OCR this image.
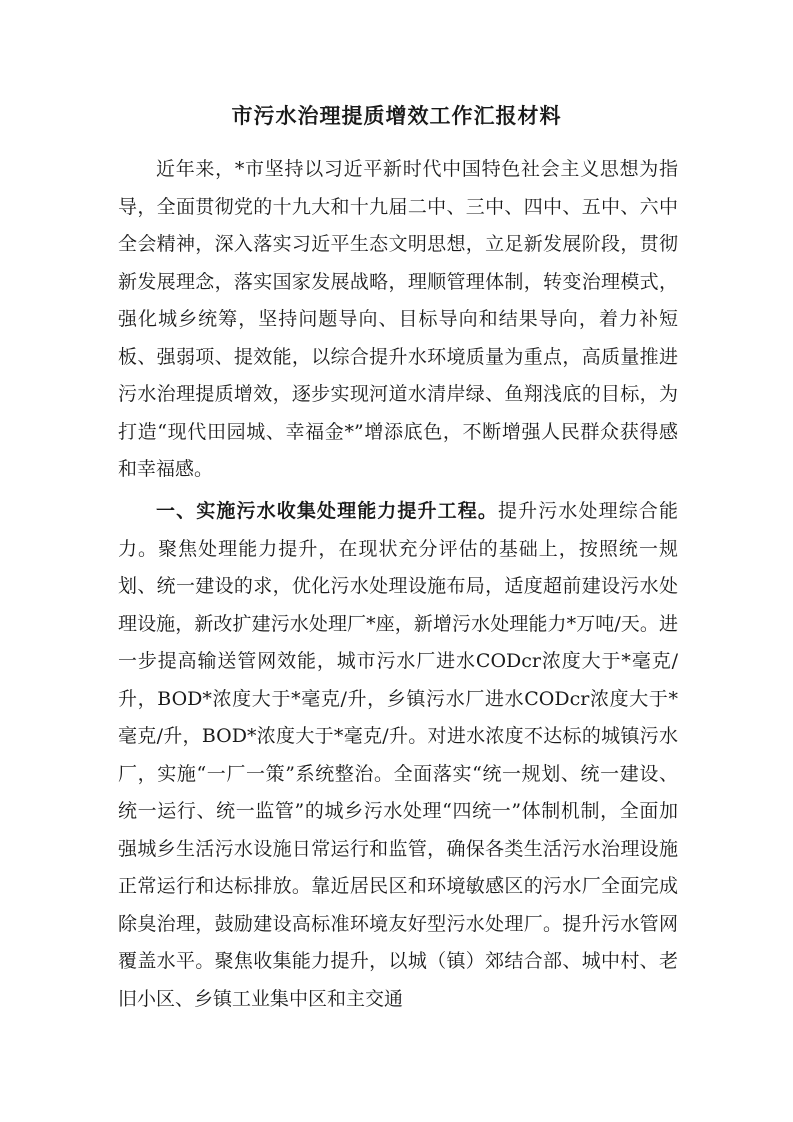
市污水治理提质增效工作汇报材料

近年来，*市坚持以习近平新时代中国特色社会主义思想为指导，全面贯彻党的十九大和十九届二中、三中、四中、五中、六中全会精神，深入落实习近平生态文明思想，立足新发展阶段，贯彻新发展理念，落实国家发展战略，理顺管理体制，转变治理模式，强化城乡统筹，坚持问题导向、目标导向和结果导向，着力补短板、强弱项、提效能，以综合提升水环境质量为重点，高质量推进污水治理提质增效，逐步实现河道水清岸绿、鱼翔浅底的目标，为打造“现代田园城、幸福金*”增添底色，不断增强人民群众获得感和幸福感。

一、实施污水收集处理能力提升工程。提升污水处理综合能力。聚焦处理能力提升，在现状充分评估的基础上，按照统一规划、统一建设的求，优化污水处理设施布局，适度超前建设污水处理设施，新改扩建污水处理厂*座，新增污水处理能力*万吨/天。进一步提高输送管网效能，城市污水厂进水CODcr浓度大于*毫克/升，BOD*浓度大于*毫克/升，乡镇污水厂进水CODcr浓度大于*毫克/升，BOD*浓度大于*毫克/升。对进水浓度不达标的城镇污水厂，实施“一厂一策”系统整治。全面落实“统一规划、统一建设、统一运行、统一监管”的城乡污水处理“四统一”体制机制，全面加强城乡生活污水设施日常运行和监管，确保各类生活污水治理设施正常运行和达标排放。靠近居民区和环境敏感区的污水厂全面完成除臭治理，鼓励建设高标准环境友好型污水处理厂。提升污水管网覆盖水平。聚焦收集能力提升，以城（镇）郊结合部、城中村、老旧小区、乡镇工业集中区和主交通
